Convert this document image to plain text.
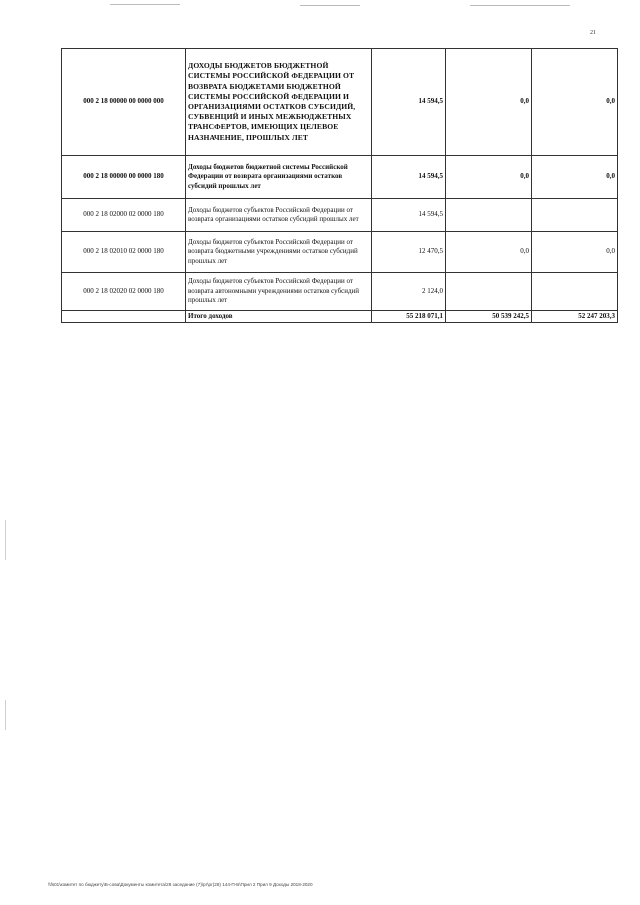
21
000 2 18 00000 00 0000 000	ДОХОДЫ БЮДЖЕТОВ БЮДЖЕТНОЙ СИСТЕМЫ РОССИЙСКОЙ ФЕДЕРАЦИИ ОТ ВОЗВРАТА БЮДЖЕТАМИ БЮДЖЕТНОЙ СИСТЕМЫ РОССИЙСКОЙ ФЕДЕРАЦИИ И ОРГАНИЗАЦИЯМИ ОСТАТКОВ СУБСИДИЙ, СУБВЕНЦИЙ И ИНЫХ МЕЖБЮДЖЕТНЫХ ТРАНСФЕРТОВ, ИМЕЮЩИХ ЦЕЛЕВОЕ НАЗНАЧЕНИЕ, ПРОШЛЫХ ЛЕТ	14 594,5	0,0	0,0
000 2 18 00000 00 0000 180	Доходы бюджетов бюджетной системы Российской Федерации от возврата организациями остатков субсидий прошлых лет	14 594,5	0,0	0,0
000 2 18 02000 02 0000 180	Доходы бюджетов субъектов Российской Федерации от возврата организациями остатков субсидий прошлых лет	14 594,5		
000 2 18 02010 02 0000 180	Доходы бюджетов субъектов Российской Федерации от возврата бюджетными учреждениями остатков субсидий прошлых лет	12 470,5	0,0	0,0
000 2 18 02020 02 0000 180	Доходы бюджетов субъектов Российской Федерации от возврата автономными учреждениями остатков субсидий прошлых лет	2 124,0		
	Итого доходов	55 218 071,1	50 539 242,5	52 247 203,3
\\fs01\комитет по бюджету\Б-сова\Документы комитета\28 заседание (7)\рг\рг(28) 144-П-Б\Прил 2 Прил 9 Доходы 2018-2020
